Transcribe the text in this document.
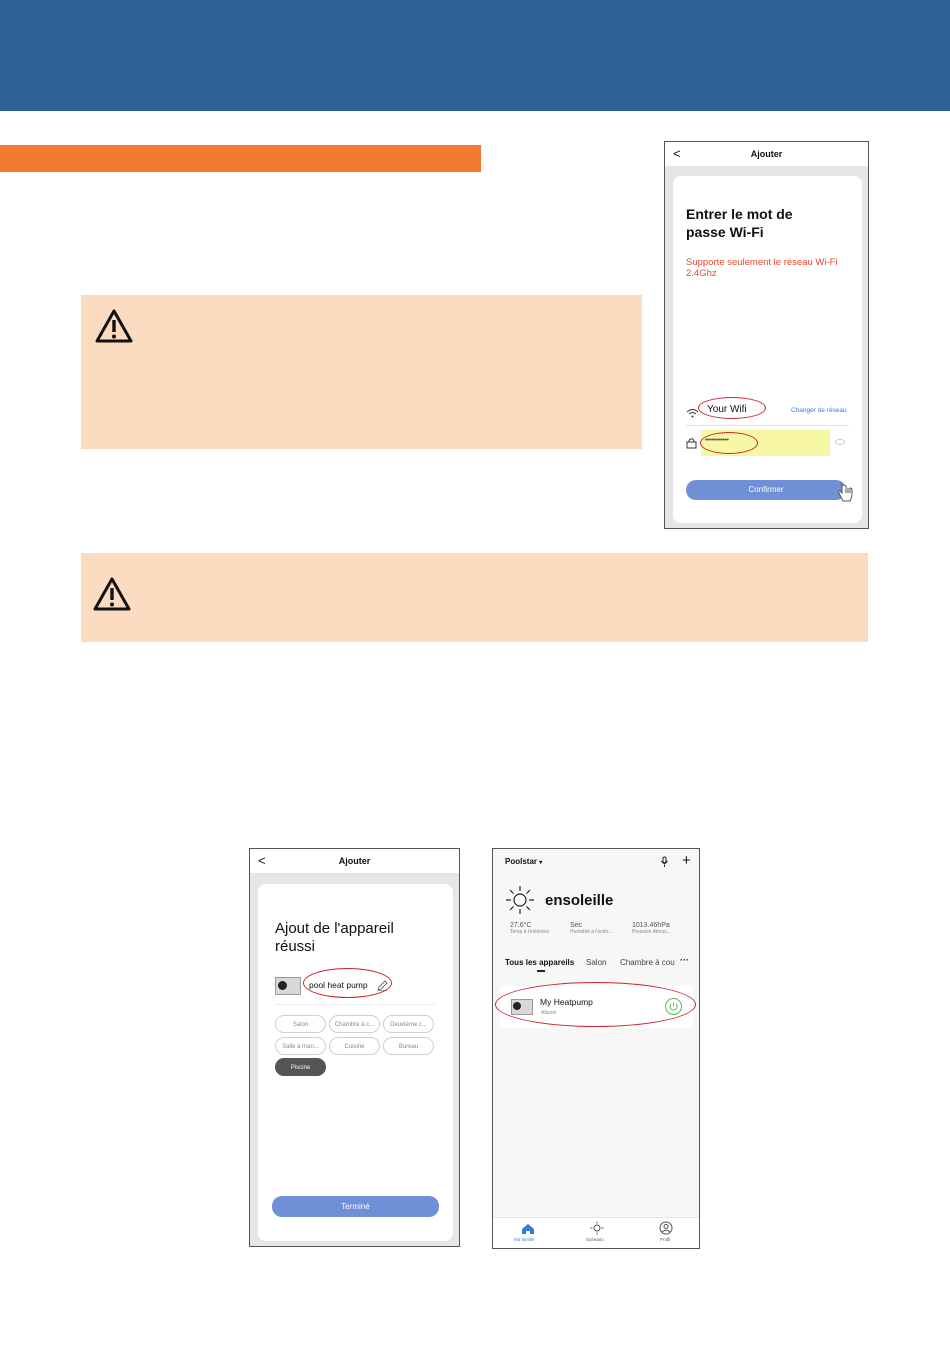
<	Ajouter
Entrer le mot de passe Wi-Fi
Supporte seulement le réseau Wi-Fi 2.4Ghz
Your Wifi	Changer de réseau
••••••••••••
Confirmer
<	Ajouter
Ajout de l'appareil réussi
pool heat pump
Salon	Chambre à c...	Deuxième c...
Salle à man...	Cuisine	Bureau
Piscine
Terminé
Poolstar ▾	+
ensoleille
27.6°C
Temp à l'extérieur
Sec
Humidité à l'extér...
1013.46hPa
Pression Atmos...
Tous les appareils Salon Chambre à cou ···
My Heatpump
Allumé
Ma famille	Scénario	Profil
